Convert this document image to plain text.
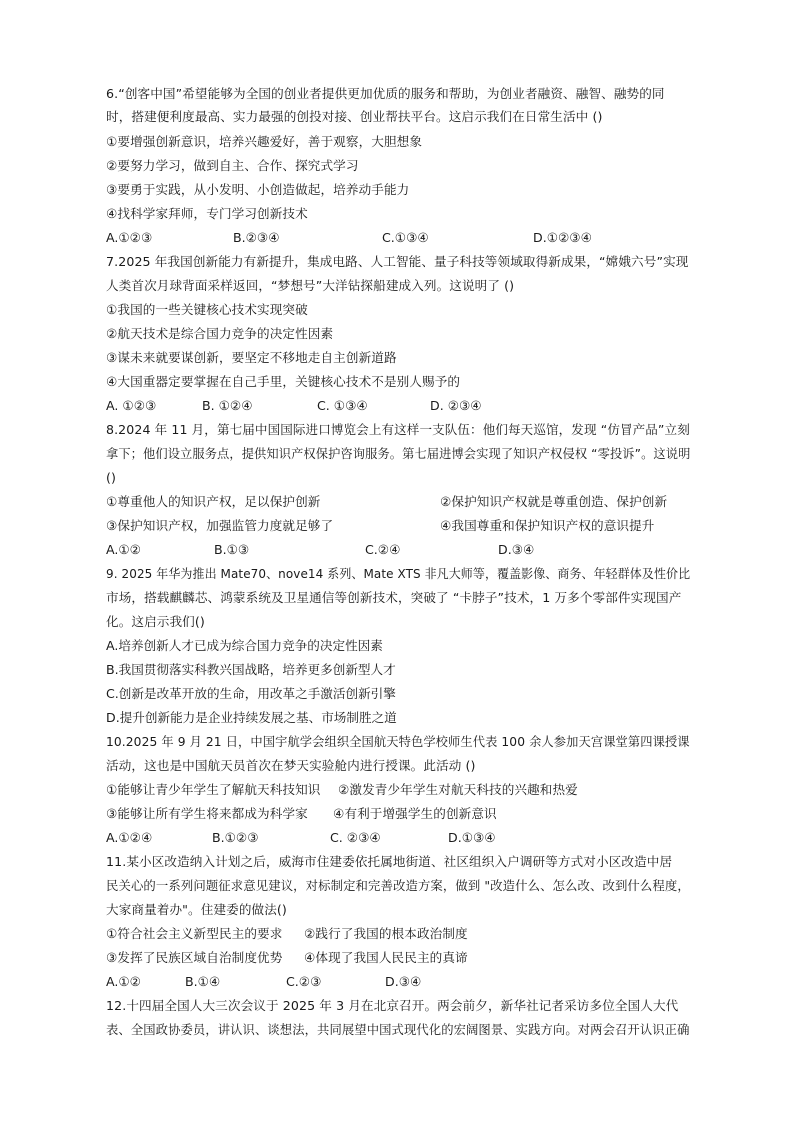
6.“创客中国”希望能够为全国的创业者提供更加优质的服务和帮助，为创业者融资、融智、融势的同
时，搭建便利度最高、实力最强的创投对接、创业帮扶平台。这启示我们在日常生活中 ()
①要增强创新意识，培养兴趣爱好，善于观察，大胆想象
②要努力学习，做到自主、合作、探究式学习
③要勇于实践，从小发明、小创造做起，培养动手能力
④找科学家拜师，专门学习创新技术
A.①②③	B.②③④	C.①③④	D.①②③④
7.2025 年我国创新能力有新提升，集成电路、人工智能、量子科技等领域取得新成果，“嫦娥六号”实现
人类首次月球背面采样返回，“梦想号”大洋钻探船建成入列。这说明了 ()
①我国的一些关键核心技术实现突破
②航天技术是综合国力竞争的决定性因素
③谋未来就要谋创新，要坚定不移地走自主创新道路
④大国重器定要掌握在自己手里，关键核心技术不是别人赐予的
A. ①②③	B. ①②④	C. ①③④	D. ②③④
8.2024 年 11 月，第七届中国国际进口博览会上有这样一支队伍：他们每天巡馆，发现 “仿冒产品”立刻
拿下；他们设立服务点，提供知识产权保护咨询服务。第七届进博会实现了知识产权侵权 “零投诉”。这说明
()
①尊重他人的知识产权，足以保护创新	②保护知识产权就是尊重创造、保护创新
③保护知识产权，加强监管力度就足够了	④我国尊重和保护知识产权的意识提升
A.①②	B.①③	C.②④	D.③④
9. 2025 年华为推出 Mate70、nove14 系列、Mate XTS 非凡大师等，覆盖影像、商务、年轻群体及性价比
市场，搭载麒麟芯、鸿蒙系统及卫星通信等创新技术，突破了 “卡脖子”技术，1 万多个零部件实现国产
化。这启示我们()
A.培养创新人才已成为综合国力竞争的决定性因素
B.我国贯彻落实科教兴国战略，培养更多创新型人才
C.创新是改革开放的生命，用改革之手激活创新引擎
D.提升创新能力是企业持续发展之基、市场制胜之道
10.2025 年 9 月 21 日，中国宇航学会组织全国航天特色学校师生代表 100 余人参加天宫课堂第四课授课
活动，这也是中国航天员首次在梦天实验舱内进行授课。此活动 ()
①能够让青少年学生了解航天科技知识 ②激发青少年学生对航天科技的兴趣和热爱
③能够让所有学生将来都成为科学家 ④有利于增强学生的创新意识
A.①②④	B.①②③	C. ②③④	D.①③④
11.某小区改造纳入计划之后，威海市住建委依托属地街道、社区组织入户调研等方式对小区改造中居
民关心的一系列问题征求意见建议，对标制定和完善改造方案，做到 "改造什么、怎么改、改到什么程度，
大家商量着办"。住建委的做法()
①符合社会主义新型民主的要求 ②践行了我国的根本政治制度
③发挥了民族区域自治制度优势 ④体现了我国人民民主的真谛
A.①②	B.①④	C.②③	D.③④
12.十四届全国人大三次会议于 2025 年 3 月在北京召开。两会前夕，新华社记者采访多位全国人大代
表、全国政协委员，讲认识、谈想法，共同展望中国式现代化的宏阔图景、实践方向。对两会召开认识正确
